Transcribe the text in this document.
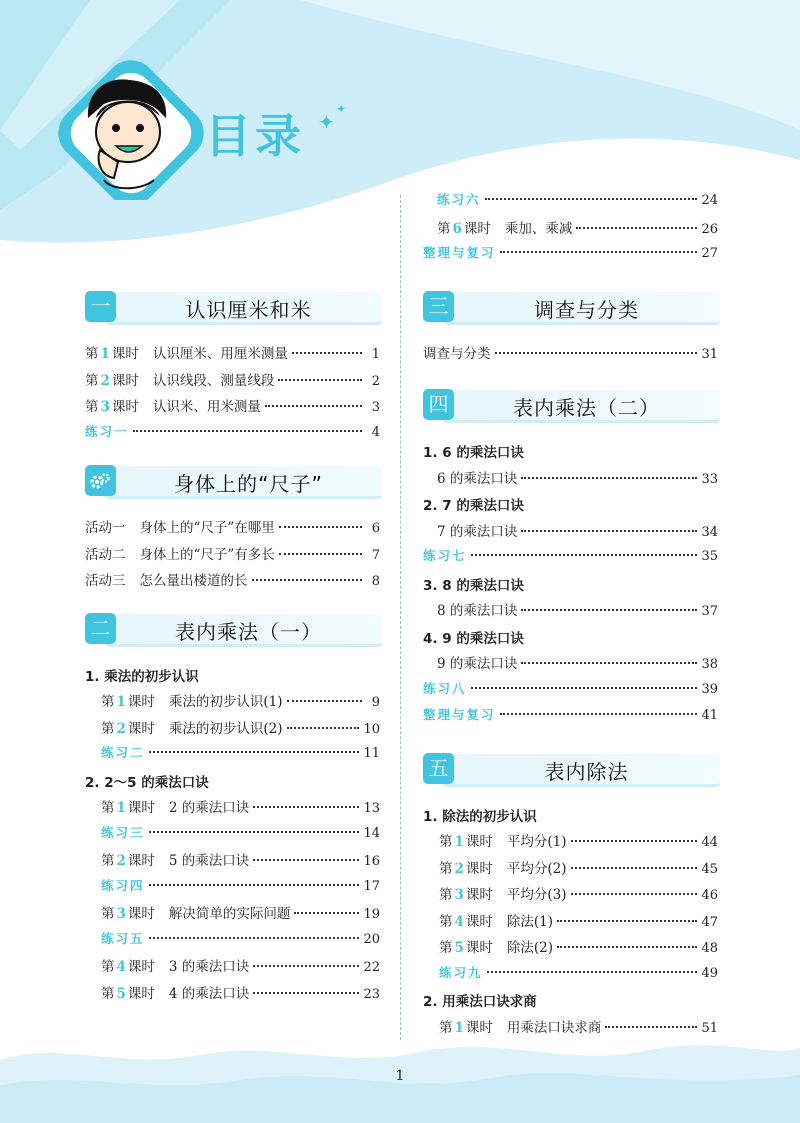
目录 ✦
✦
一	认识厘米和米
第 1 课时 认识厘米、用厘米测量	1
第 2 课时 认识线段、测量线段	2
第 3 课时 认识米、用米测量	3
练习一	4
身体上的“尺子”
活动一 身体上的“尺子”在哪里	6
活动二 身体上的“尺子”有多长	7
活动三 怎么量出楼道的长	8
二	表内乘法（一）
1. 乘法的初步认识
第 1 课时 乘法的初步认识(1)	9
第 2 课时 乘法的初步认识(2)	10
练习二	11
2. 2～5 的乘法口诀
第 1 课时 2 的乘法口诀	13
练习三	14
第 2 课时 5 的乘法口诀	16
练习四	17
第 3 课时 解决简单的实际问题	19
练习五	20
第 4 课时 3 的乘法口诀	22
第 5 课时 4 的乘法口诀	23
练习六	24
第 6 课时 乘加、乘减	26
整理与复习	27
三	调查与分类
调查与分类	31
四	表内乘法（二）
1. 6 的乘法口诀
6 的乘法口诀	33
2. 7 的乘法口诀
7 的乘法口诀	34
练习七	35
3. 8 的乘法口诀
8 的乘法口诀	37
4. 9 的乘法口诀
9 的乘法口诀	38
练习八	39
整理与复习	41
五	表内除法
1. 除法的初步认识
第 1 课时 平均分(1)	44
第 2 课时 平均分(2)	45
第 3 课时 平均分(3)	46
第 4 课时 除法(1)	47
第 5 课时 除法(2)	48
练习九	49
2. 用乘法口诀求商
第 1 课时 用乘法口诀求商	51
1
